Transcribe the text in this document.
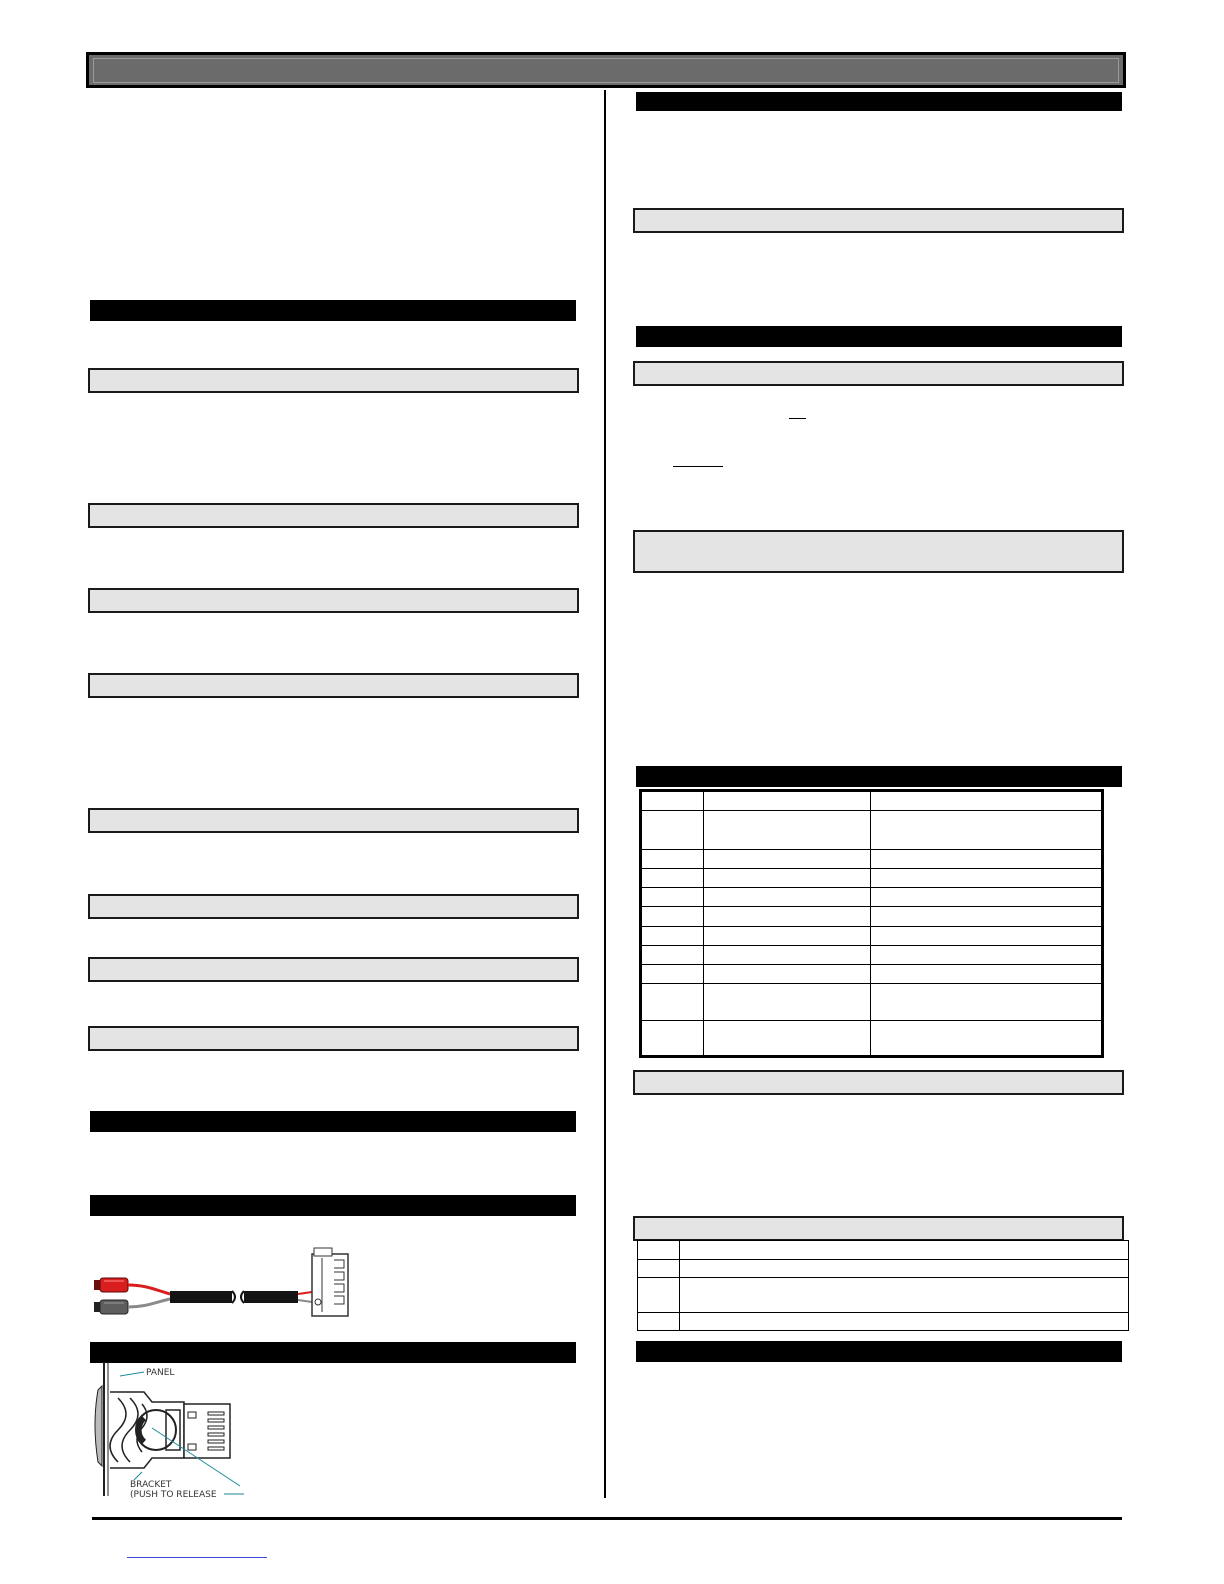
PANEL
BRACKET
(PUSH TO RELEASE
